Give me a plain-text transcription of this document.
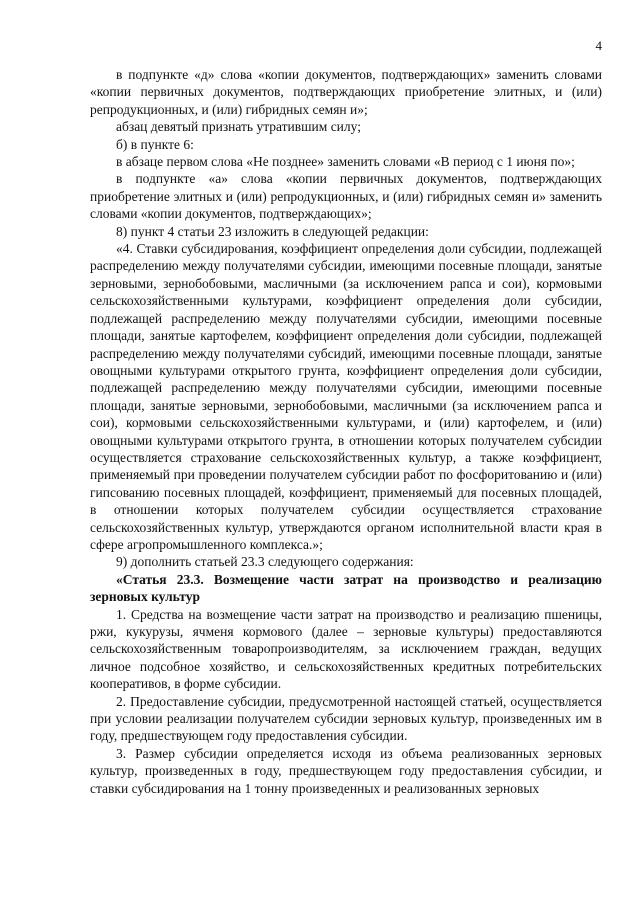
4

в подпункте «д» слова «копии документов, подтверждающих» заменить словами «копии первичных документов, подтверждающих приобретение элитных, и (или) репродукционных, и (или) гибридных семян и»;

абзац девятый признать утратившим силу;

б) в пункте 6:

в абзаце первом слова «Не позднее» заменить словами «В период с 1 июня по»;

в подпункте «а» слова «копии первичных документов, подтверждающих приобретение элитных и (или) репродукционных, и (или) гибридных семян и» заменить словами «копии документов, подтверждающих»;

8) пункт 4 статьи 23 изложить в следующей редакции:

«4. Ставки субсидирования, коэффициент определения доли субсидии, подлежащей распределению между получателями субсидии, имеющими посевные площади, занятые зерновыми, зернобобовыми, масличными (за исключением рапса и сои), кормовыми сельскохозяйственными культурами, коэффициент определения доли субсидии, подлежащей распределению между получателями субсидии, имеющими посевные площади, занятые картофелем, коэффициент определения доли субсидии, подлежащей распределению между получателями субсидий, имеющими посевные площади, занятые овощными культурами открытого грунта, коэффициент определения доли субсидии, подлежащей распределению между получателями субсидии, имеющими посевные площади, занятые зерновыми, зернобобовыми, масличными (за исключением рапса и сои), кормовыми сельскохозяйственными культурами, и (или) картофелем, и (или) овощными культурами открытого грунта, в отношении которых получателем субсидии осуществляется страхование сельскохозяйственных культур, а также коэффициент, применяемый при проведении получателем субсидии работ по фосфоритованию и (или) гипсованию посевных площадей, коэффициент, применяемый для посевных площадей, в отношении которых получателем субсидии осуществляется страхование сельскохозяйственных культур, утверждаются органом исполнительной власти края в сфере агропромышленного комплекса.»;

9) дополнить статьей 23.3 следующего содержания:

«Статья 23.3. Возмещение части затрат на производство и реализацию зерновых культур

1. Средства на возмещение части затрат на производство и реализацию пшеницы, ржи, кукурузы, ячменя кормового (далее – зерновые культуры) предоставляются сельскохозяйственным товаропроизводителям, за исключением граждан, ведущих личное подсобное хозяйство, и сельскохозяйственных кредитных потребительских кооперативов, в форме субсидии.

2. Предоставление субсидии, предусмотренной настоящей статьей, осуществляется при условии реализации получателем субсидии зерновых культур, произведенных им в году, предшествующем году предоставления субсидии.

3. Размер субсидии определяется исходя из объема реализованных зерновых культур, произведенных в году, предшествующем году предоставления субсидии, и ставки субсидирования на 1 тонну произведенных и реализованных зерновых
